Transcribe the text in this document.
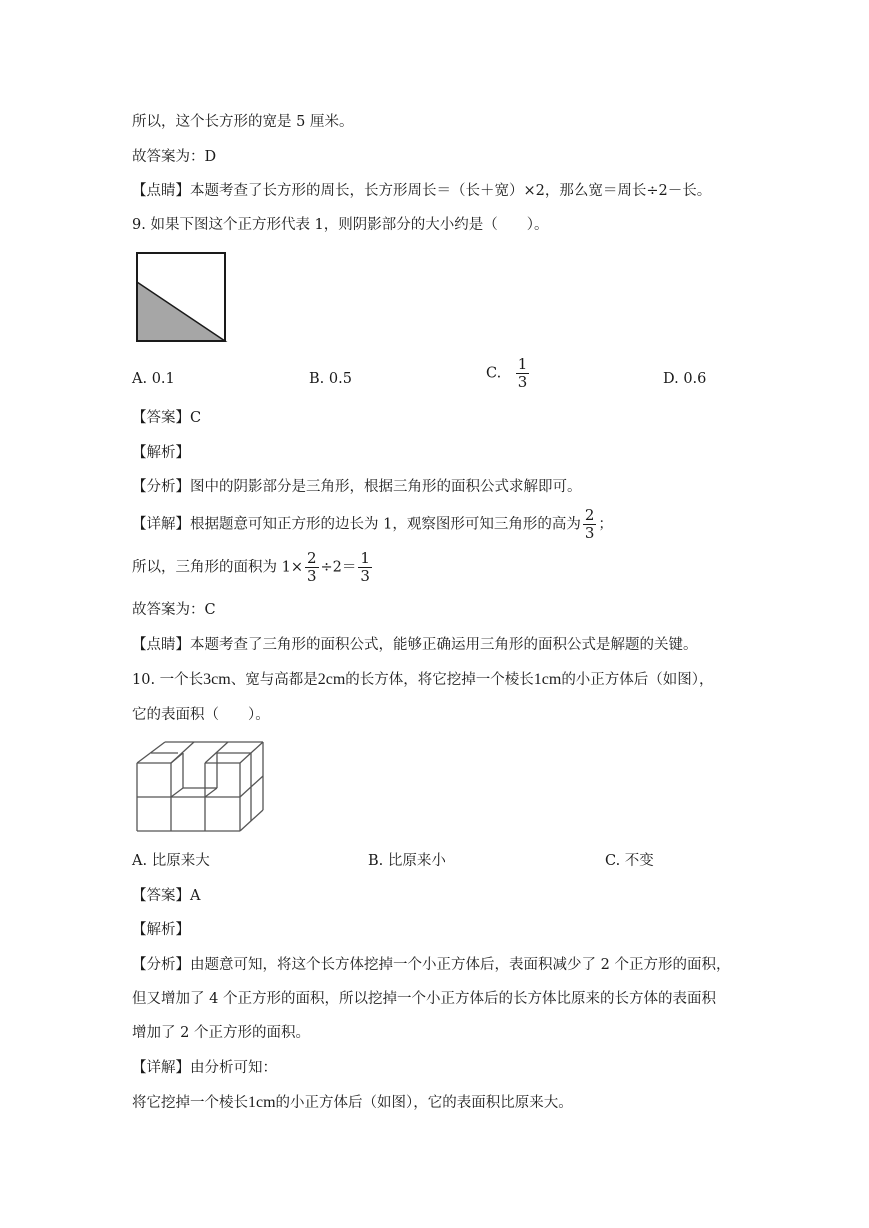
所以，这个长方形的宽是 5 厘米。
故答案为：D
【点睛】本题考查了长方形的周长，长方形周长＝（长＋宽）×2，那么宽＝周长÷2－长。
9. 如果下图这个正方形代表 1，则阴影部分的大小约是（　　）。
A. 0.1	B. 0.5	C. $\frac{1}{3}$	D. 0.6
【答案】C
【解析】
【分析】图中的阴影部分是三角形，根据三角形的面积公式求解即可。
【详解】根据题意可知正方形的边长为 1，观察图形可知三角形的高为 $\frac{2}{3}$ ；
所以，三角形的面积为 $1\times \frac{2}{3} \div 2= \frac{1}{3}$
故答案为：C
【点睛】本题考查了三角形的面积公式，能够正确运用三角形的面积公式是解题的关键。
10. 一个长3cm、宽与高都是2cm的长方体，将它挖掉一个棱长1cm的小正方体后（如图），
它的表面积（　　）。
A. 比原来大	B. 比原来小	C. 不变
【答案】A
【解析】
【分析】由题意可知，将这个长方体挖掉一个小正方体后，表面积减少了 2 个正方形的面积，
但又增加了 4 个正方形的面积，所以挖掉一个小正方体后的长方体比原来的长方体的表面积
增加了 2 个正方形的面积。
【详解】由分析可知：
将它挖掉一个棱长1cm的小正方体后（如图），它的表面积比原来大。
